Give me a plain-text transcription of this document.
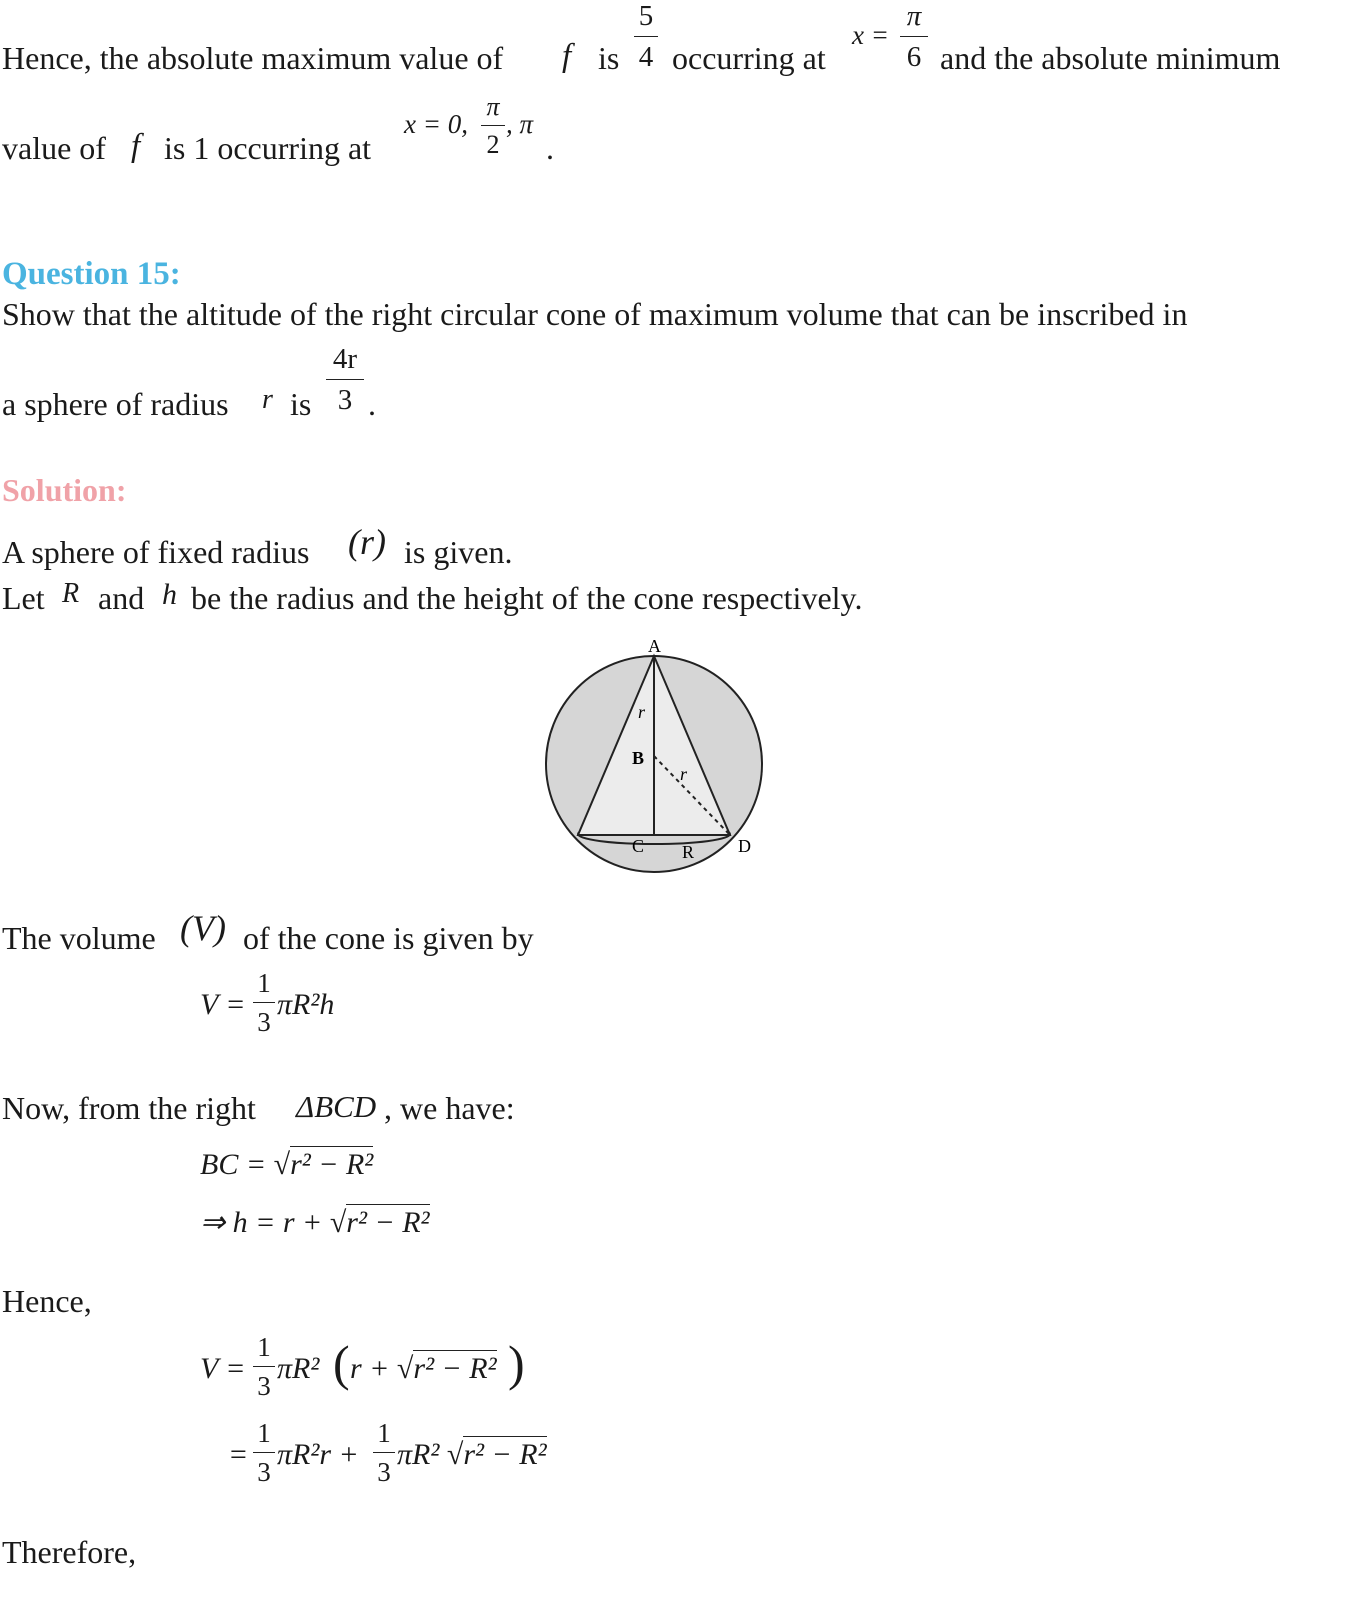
Hence, the absolute maximum value of f is
5
4 occurring at
x =
π
6 and the absolute minimum
value of f is 1 occurring at
x = 0,
π
2
, π
.
Question 15:
Show that the altitude of the right circular cone of maximum volume that can be inscribed in
a sphere of radius r is
4r
3 .
Solution:
A sphere of fixed radius (r) is given.
Let R and h be the radius and the height of the cone respectively.
A
B
C	D
r
r
R
The volume (V) of the cone is given by
V =
1
3
πR²h
Now, from the right ΔBCD , we have:
BC = √r² − R²
⇒ h = r + √r² − R²
Hence,
V =
1
3
πR² ( r + √r² − R² )
=
1
3
πR²r +
1
3
πR² √r² − R²
Therefore,
